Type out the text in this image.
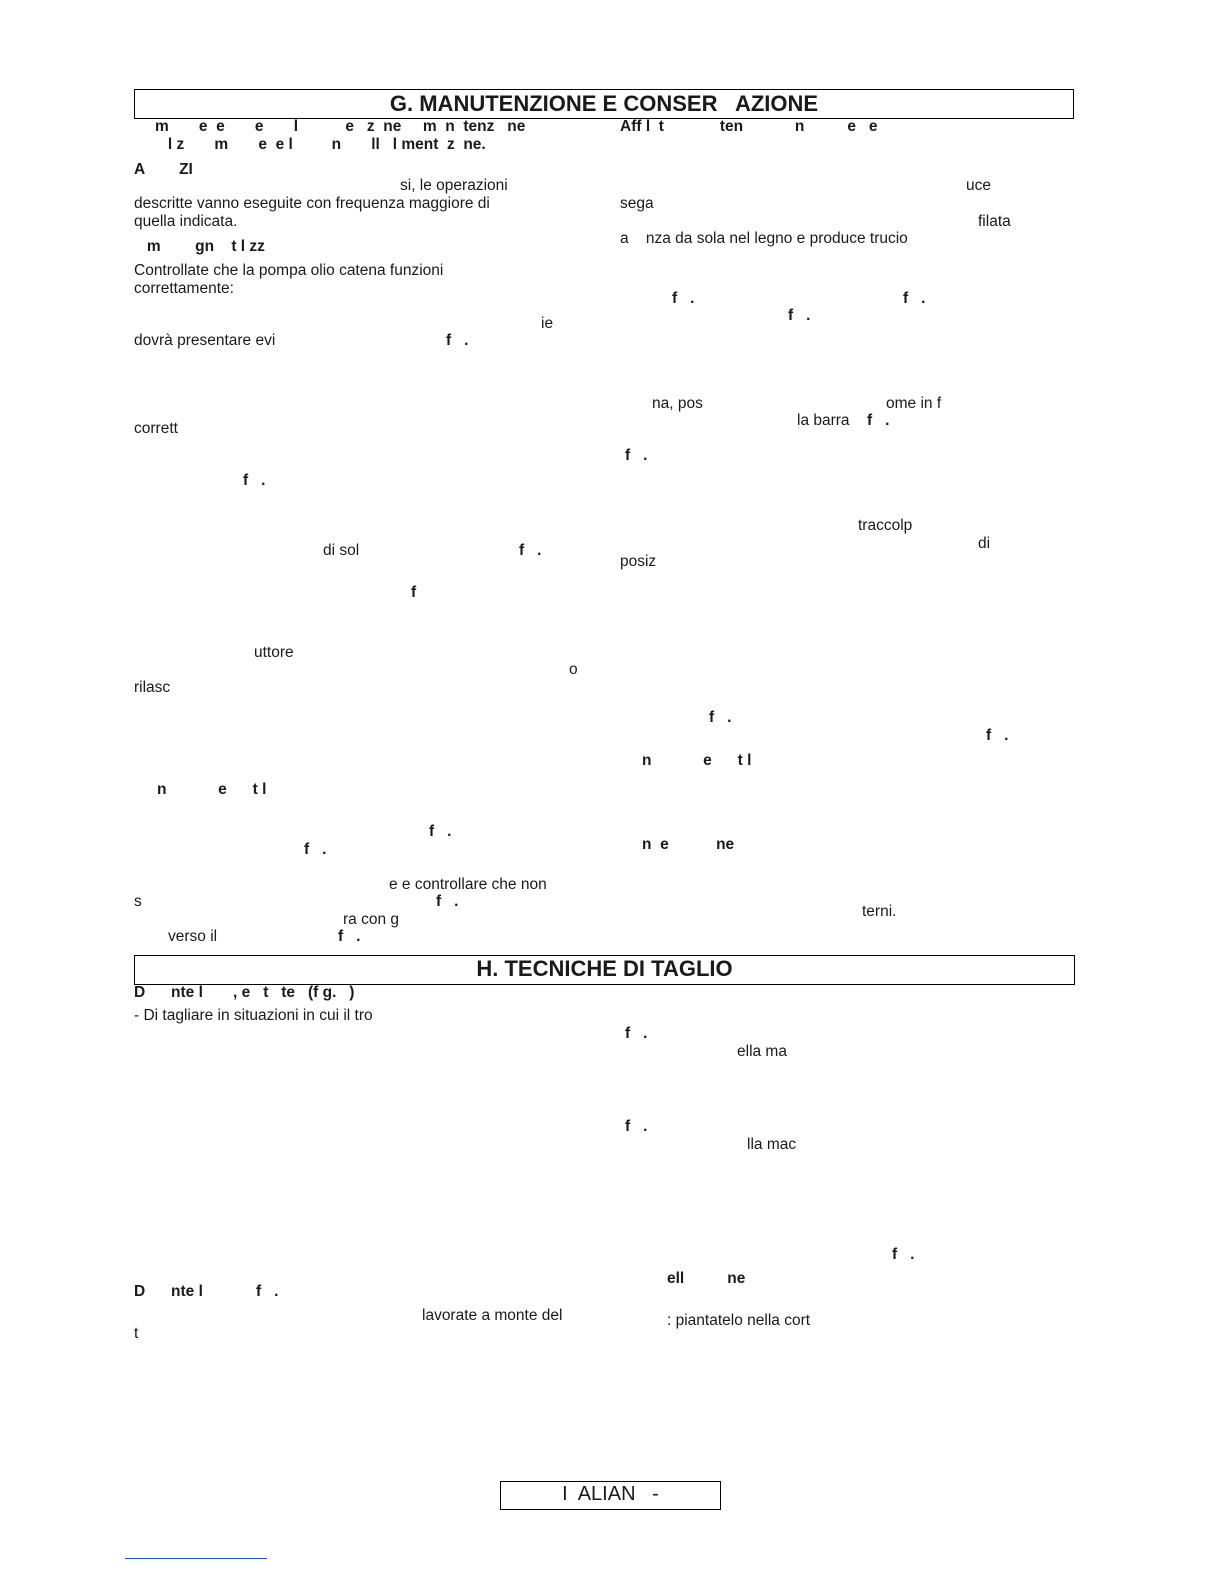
G. MANUTENZIONE E CONSER   AZIONE
m       e  e       e       l           e   z  ne     m  n  tenz   ne
l z       m       e  e l         n       ll   l ment  z  ne.
A        ZI
si, le operazioni
descritte vanno eseguite con frequenza maggiore di
quella indicata.
m        gn    t l zz
Controllate che la pompa olio catena funzioni
correttamente:
ie
dovrà presentare evi	f   .
corrett
f   .
di sol	f   .
f
uttore
o
rilasc
n            e      t l
f   .
f   .
e e controllare che non
s	f   .
ra con g
verso il	f   .
Aff l  t             ten            n          e   e
uce
sega
filata
a    nza da sola nel legno e produce trucio
f   .	f   .
f   .
na, pos	ome in f
la barra f   .
f   .
traccolp
di
posiz
f   .
f   .
n            e      t l
n  e           ne
terni.
H. TECNICHE DI TAGLIO
D      nte l       , e   t   te   (f g.   )
- Di tagliare in situazioni in cui il tro
D      nte l	f   .
lavorate a monte del
t
f   .
ella ma
f   .
lla mac
f   .
ell          ne
: piantatelo nella cort
I  ALIAN   -
